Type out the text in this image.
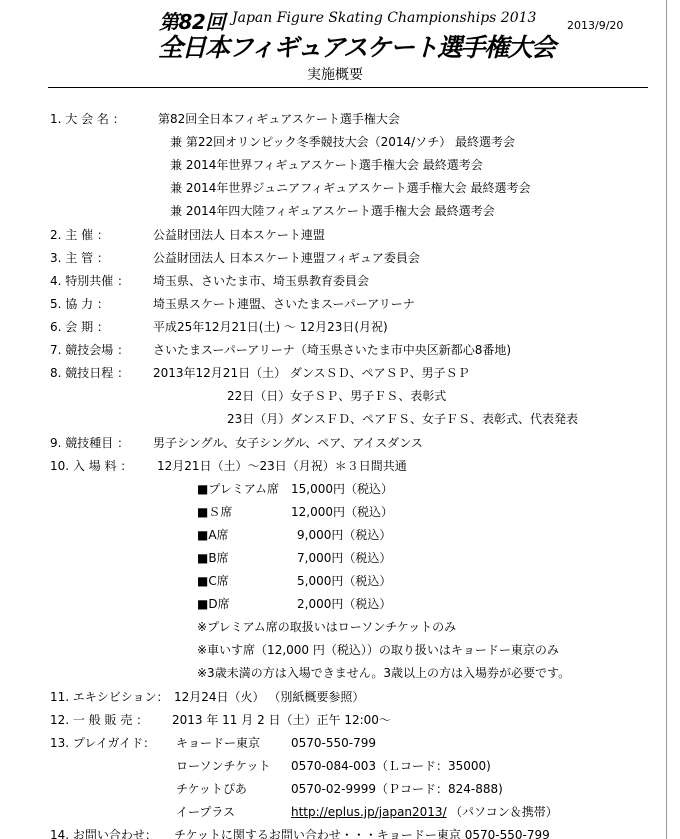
第82回 Japan Figure Skating Championships 2013
全日本フィギュアスケート選手権大会
2013/9/20
実施概要
1. 大 会 名 ：	第82回全日本フィギュアスケート選手権大会
兼 第22回オリンピック冬季競技大会（2014/ソチ） 最終選考会
兼 2014年世界フィギュアスケート選手権大会 最終選考会
兼 2014年世界ジュニアフィギュアスケート選手権大会 最終選考会
兼 2014年四大陸フィギュアスケート選手権大会 最終選考会
2. 主 催 ：	公益財団法人 日本スケート連盟
3. 主 管 ：	公益財団法人 日本スケート連盟フィギュア委員会
4. 特別共催 ： 埼玉県、さいたま市、埼玉県教育委員会
5. 協 力 ：	埼玉県スケート連盟、さいたまスーパーアリーナ
6. 会 期 ：	平成25年12月21日(土) ～ 12月23日(月祝)
7. 競技会場 ： さいたまスーパーアリーナ（埼玉県さいたま市中央区新都心8番地)
8. 競技日程 ： 2013年12月21日（土） ダンスＳＤ、ペアＳＰ、男子ＳＰ
22日（日）女子ＳＰ、男子ＦＳ、表彰式
23日（月）ダンスＦＤ、ペアＦＳ、女子ＦＳ、表彰式、代表発表
9. 競技種目 ： 男子シングル、女子シングル、ペア、アイスダンス
10. 入 場 料 ： 12月21日（土）～23日（月祝）＊３日間共通
■プレミアム席 15,000円（税込）
■Ｓ席	12,000円（税込）
■A席	9,000円（税込）
■B席	7,000円（税込）
■C席	5,000円（税込）
■D席	2,000円（税込）
※プレミアム席の取扱いはローソンチケットのみ
※車いす席（12,000 円（税込））の取り扱いはキョードー東京のみ
※3歳未満の方は入場できません。3歳以上の方は入場券が必要です。
11. エキシビション： 12月24日（火） （別紙概要参照）
12. 一 般 販 売 ： 2013 年 11 月 2 日（土）正午 12:00～
13. プレイガイド： キョードー東京	0570-550-799
ローソンチケット 0570-084-003（Ｌコード：35000)
チケットぴあ	0570-02-9999（Ｐコード：824-888)
イープラス	http://eplus.jp/japan2013/ （パソコン＆携帯）
14. お問い合わせ： チケットに関するお問い合わせ・・・キョードー東京 0570-550-799
